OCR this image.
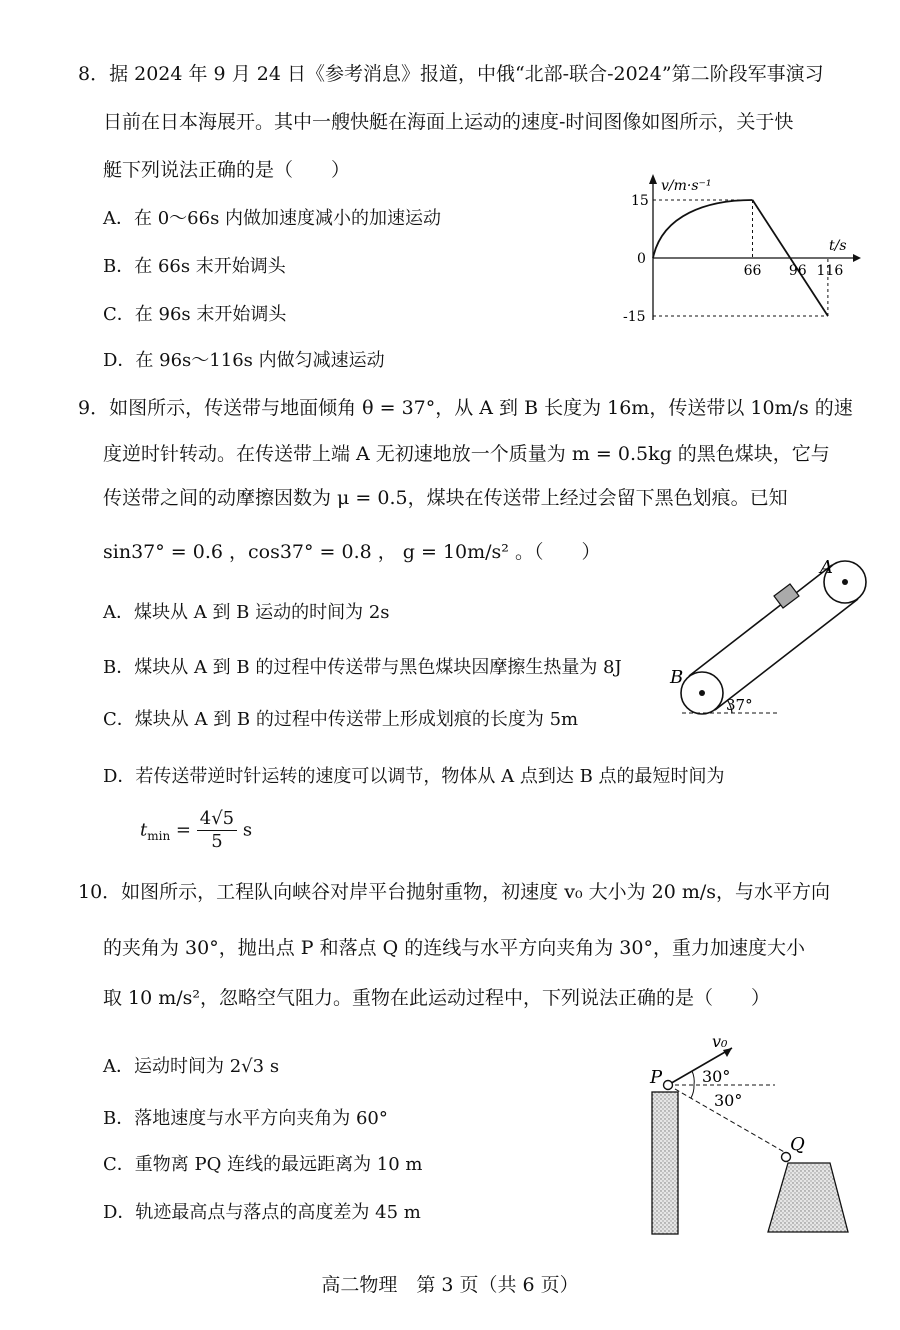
8．据 2024 年 9 月 24 日《参考消息》报道，中俄“北部-联合-2024”第二阶段军事演习
日前在日本海展开。其中一艘快艇在海面上运动的速度-时间图像如图所示，关于快
艇下列说法正确的是（　　）
A．在 0～66s 内做加速度减小的加速运动
B．在 66s 末开始调头
C．在 96s 末开始调头
D．在 96s～116s 内做匀减速运动
v/m·s⁻¹
t/s
0
15
-15
66 96 116
9．如图所示，传送带与地面倾角 θ = 37°，从 A 到 B 长度为 16m，传送带以 10m/s 的速
度逆时针转动。在传送带上端 A 无初速地放一个质量为 m = 0.5kg 的黑色煤块，它与
传送带之间的动摩擦因数为 μ = 0.5，煤块在传送带上经过会留下黑色划痕。已知
sin37° = 0.6 ，cos37° = 0.8 ， g = 10m/s² 。（　　）
A．煤块从 A 到 B 运动的时间为 2s
B．煤块从 A 到 B 的过程中传送带与黑色煤块因摩擦生热量为 8J
C．煤块从 A 到 B 的过程中传送带上形成划痕的长度为 5m
D．若传送带逆时针运转的速度可以调节，物体从 A 点到达 B 点的最短时间为
$t_{min} = \frac{4√5}{5}$ s
A
B
37°
10．如图所示，工程队向峡谷对岸平台抛射重物，初速度 v₀ 大小为 20 m/s，与水平方向
的夹角为 30°，抛出点 P 和落点 Q 的连线与水平方向夹角为 30°，重力加速度大小
取 10 m/s²，忽略空气阻力。重物在此运动过程中，下列说法正确的是（　　）
A．运动时间为 2√3 s
B．落地速度与水平方向夹角为 60°
C．重物离 PQ 连线的最远距离为 10 m
D．轨迹最高点与落点的高度差为 45 m
v₀
P
Q
30°
30°
高二物理　第 3 页（共 6 页）
